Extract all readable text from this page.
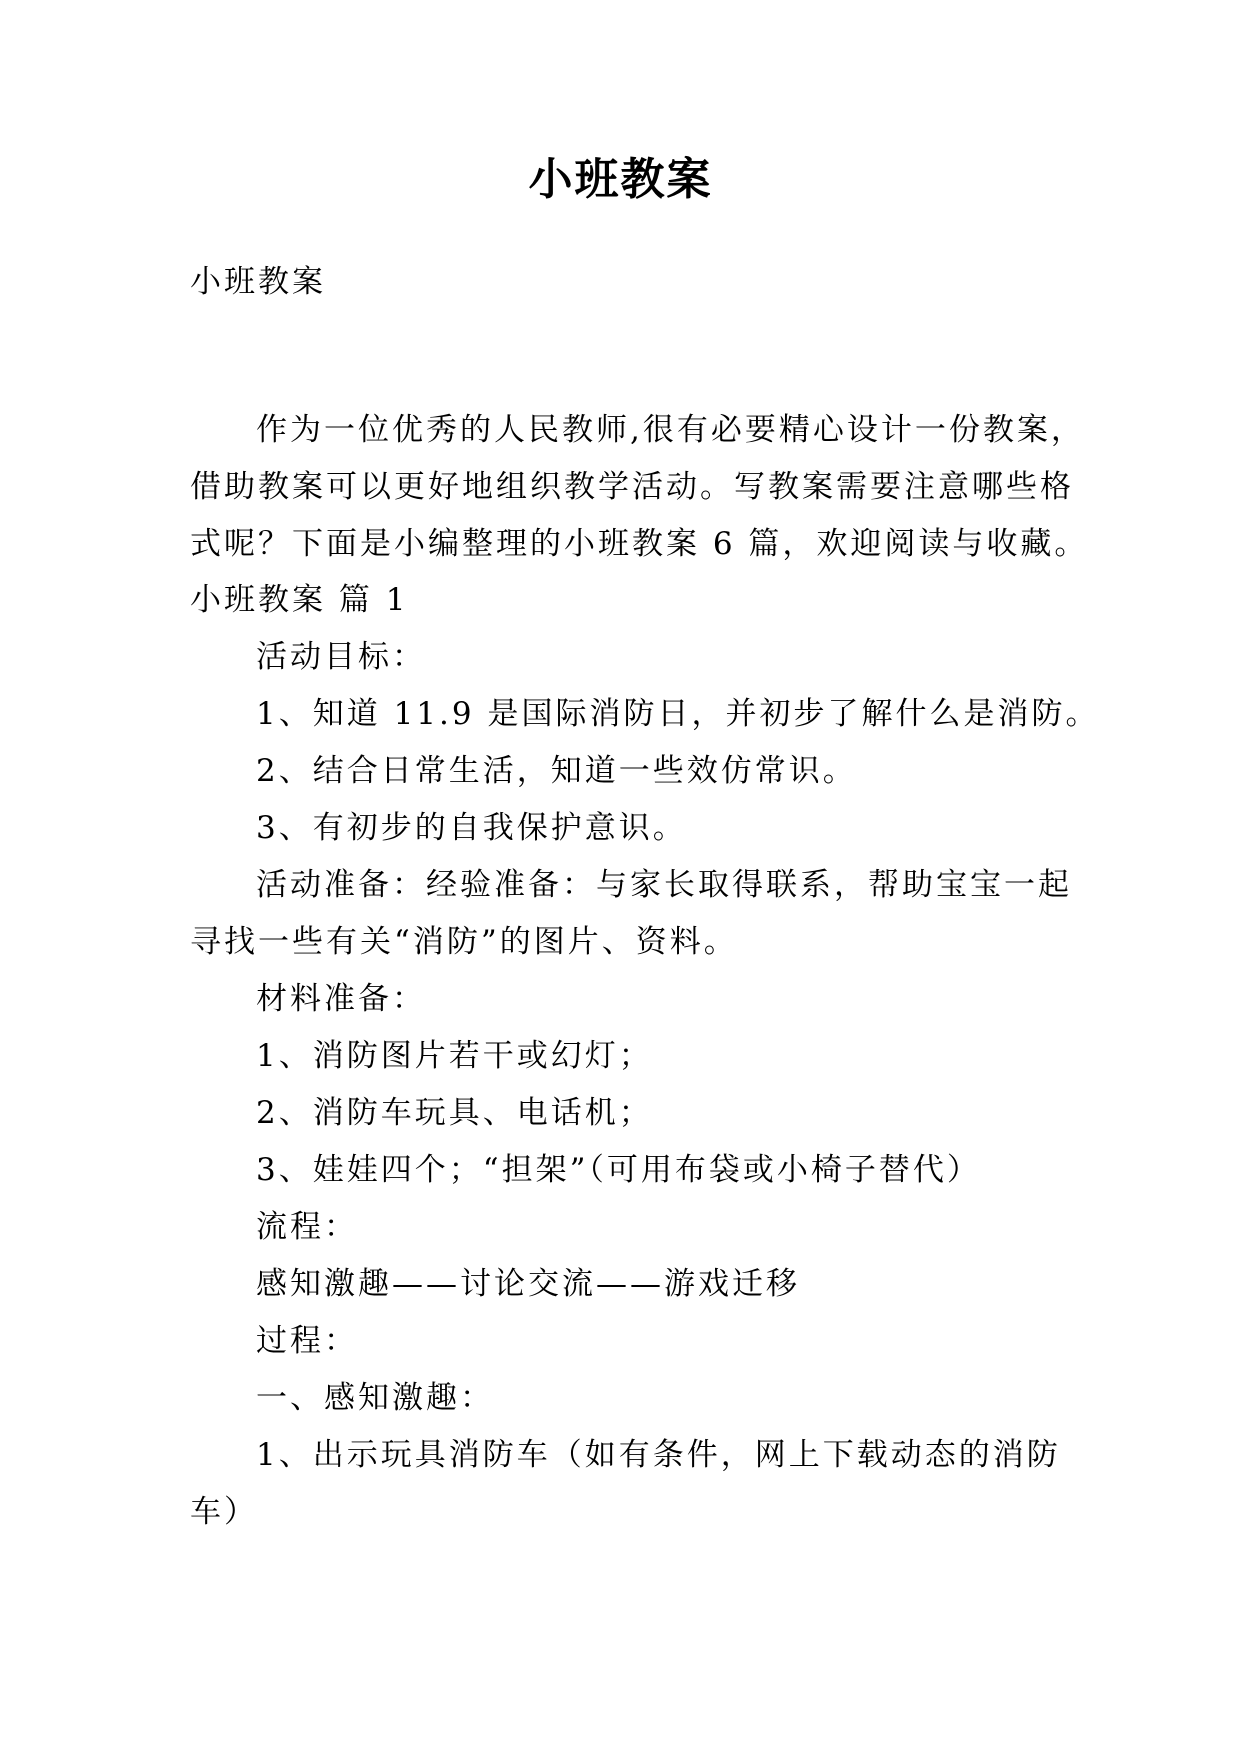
小班教案
小班教案
作为一位优秀的人民教师,很有必要精心设计一份教案，
借助教案可以更好地组织教学活动。写教案需要注意哪些格
式呢？下面是小编整理的小班教案 6 篇，欢迎阅读与收藏。
小班教案 篇 1
活动目标：
1、知道 11.9 是国际消防日，并初步了解什么是消防。
2、结合日常生活，知道一些效仿常识。
3、有初步的自我保护意识。
活动准备：经验准备：与家长取得联系，帮助宝宝一起
寻找一些有关“消防”的图片、资料。
材料准备：
1、消防图片若干或幻灯；
2、消防车玩具、电话机；
3、娃娃四个；“担架”（可用布袋或小椅子替代）
流程：
感知激趣——讨论交流——游戏迁移
过程：
一、感知激趣：
1、出示玩具消防车（如有条件，网上下载动态的消防
车）
